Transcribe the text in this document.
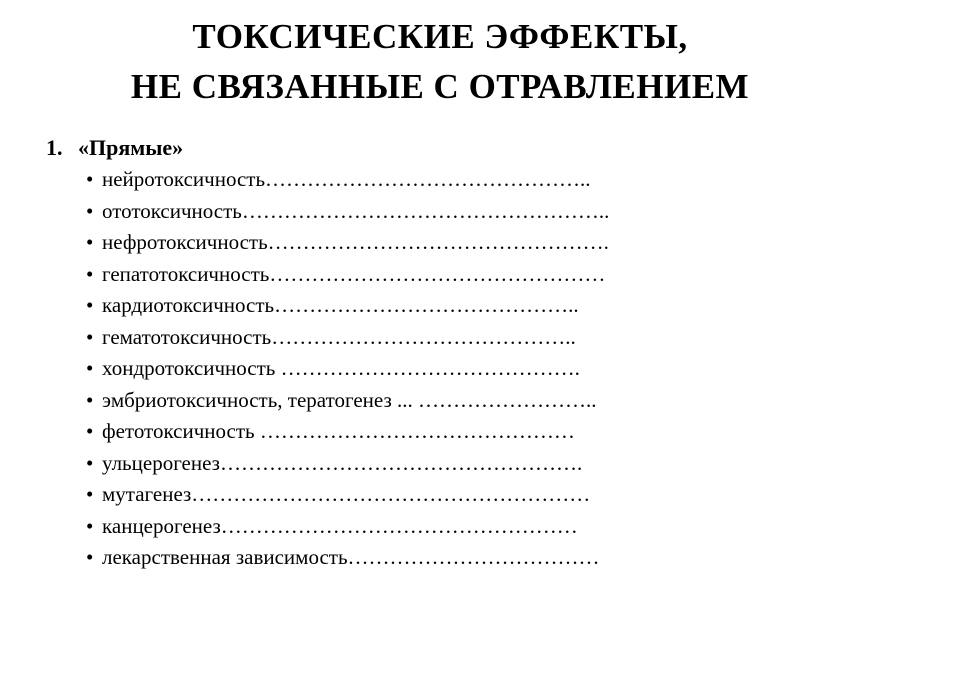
ТОКСИЧЕСКИЕ ЭФФЕКТЫ,
НЕ СВЯЗАННЫЕ С ОТРАВЛЕНИЕМ
1. «Прямые»
• нейротоксичность………………………………………..
• ототоксичность……………………………………………..
• нефротоксичность………………………………………….
• гепатотоксичность…………………………………………
• кардиотоксичность……………………………………..
• гематотоксичность……………………………………..
• хондротоксичность …………………………………….
• эмбриотоксичность, тератогенез ... ……………………..
• фетотоксичность ………………………………………
• ульцерогенез…………………………………………….
• мутагенез…………………………………………………
• канцерогенез……………………………………………
• лекарственная зависимость………………………………
